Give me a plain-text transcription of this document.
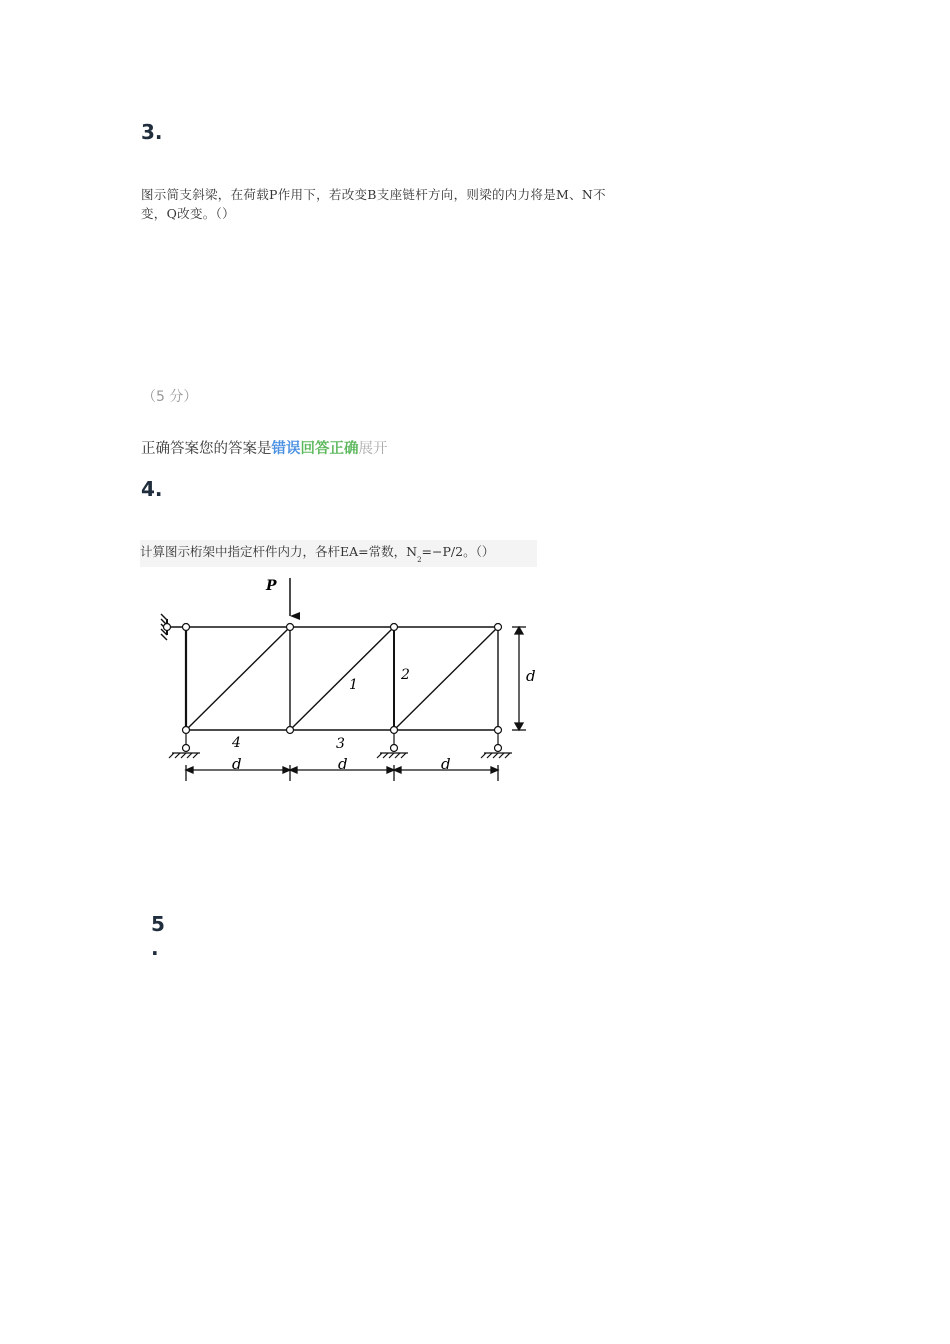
3.
图示简支斜梁，在荷载P作用下，若改变B支座链杆方向，则梁的内力将是M、N不
变，Q改变。（）
（5 分）
正确答案您的答案是错误回答正确展开
4.
计算图示桁架中指定杆件内力，各杆EA=常数，$N_2=-P/2$。（）
P
1
2
3
4
d
d	d	d
5
.
